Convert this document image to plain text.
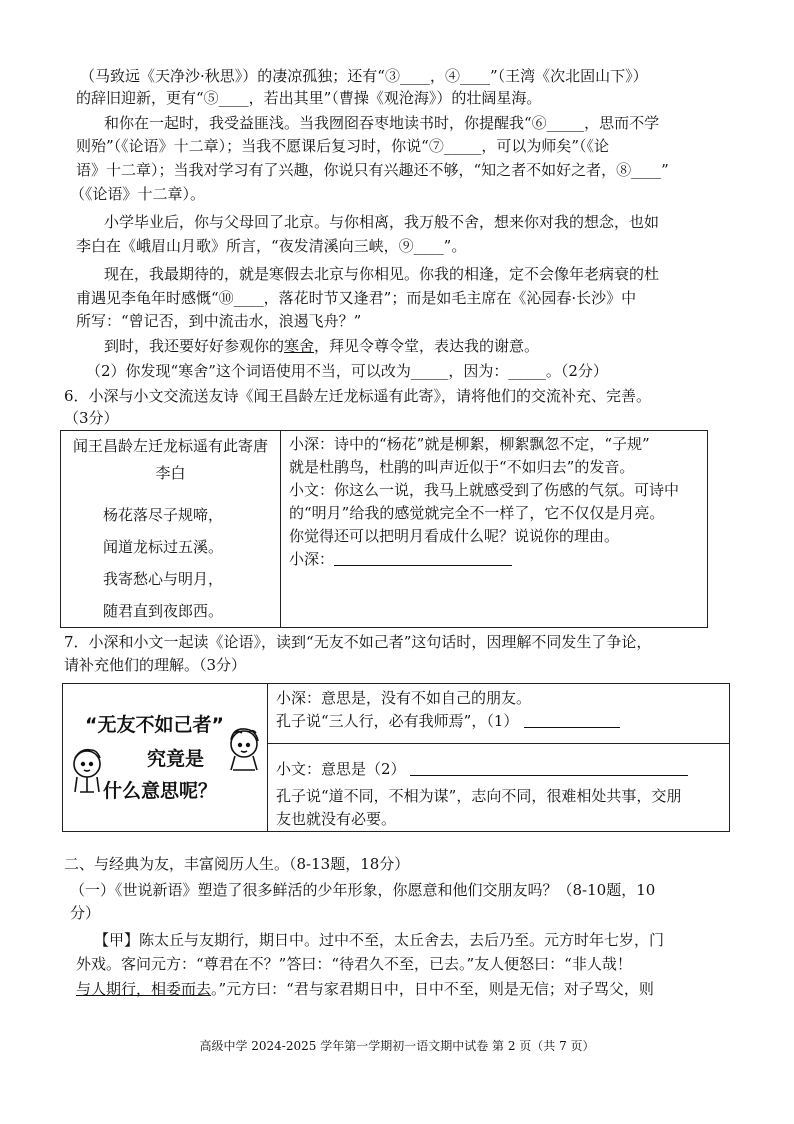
（马致远《天净沙·秋思》）的凄凉孤独；还有“③____，④____”（王湾《次北固山下》）
的辞旧迎新，更有“⑤____，若出其里”（曹操《观沧海》）的壮阔星海。
和你在一起时，我受益匪浅。当我囫囵吞枣地读书时，你提醒我“⑥_____，思而不学
则殆”（《论语》十二章）；当我不愿课后复习时，你说“⑦_____，可以为师矣”（《论
语》十二章）；当我对学习有了兴趣，你说只有兴趣还不够，“知之者不如好之者，⑧____”
（《论语》十二章）。
小学毕业后，你与父母回了北京。与你相离，我万般不舍，想来你对我的想念，也如
李白在《峨眉山月歌》所言，“夜发清溪向三峡，⑨____”。
现在，我最期待的，就是寒假去北京与你相见。你我的相逢，定不会像年老病衰的杜
甫遇见李龟年时感慨“⑩____，落花时节又逢君”；而是如毛主席在《沁园春·长沙》中
所写：“曾记否，到中流击水，浪遏飞舟？”
到时，我还要好好参观你的寒舍，拜见令尊令堂，表达我的谢意。
（2）你发现“寒舍”这个词语使用不当，可以改为_____，因为：_____。（2分）
6．小深与小文交流送友诗《闻王昌龄左迁龙标遥有此寄》，请将他们的交流补充、完善。
（3分）
闻王昌龄左迁龙标遥有此寄唐
李白
杨花落尽子规啼，
闻道龙标过五溪。
我寄愁心与明月，
随君直到夜郎西。

小深：诗中的“杨花”就是柳絮，柳絮飘忽不定，“子规”
就是杜鹃鸟，杜鹃的叫声近似于“不如归去”的发音。
小文：你这么一说，我马上就感受到了伤感的气氛。可诗中
的“明月”给我的感觉就完全不一样了，它不仅仅是月亮。
你觉得还可以把明月看成什么呢？说说你的理由。
小深：
7．小深和小文一起读《论语》，读到“无友不如己者”这句话时，因理解不同发生了争论，
请补充他们的理解。（3分）
“无友不如己者”
究竟是
什么意思呢？

小深：意思是，没有不如自己的朋友。
孔子说“三人行，必有我师焉”，（1）

小文：意思是（2）
孔子说“道不同，不相为谋”，志向不同，很难相处共事，交朋
友也就没有必要。
二、与经典为友，丰富阅历人生。（8-13题，18分）
（一）《世说新语》塑造了很多鲜活的少年形象，你愿意和他们交朋友吗？（8-10题，10
分）
【甲】陈太丘与友期行，期日中。过中不至，太丘舍去，去后乃至。元方时年七岁，门
外戏。客问元方：“尊君在不？”答曰：“待君久不至，已去。”友人便怒曰：“非人哉！
与人期行，相委而去。”元方曰：“君与家君期日中，日中不至，则是无信；对子骂父，则
高级中学 2024-2025 学年第一学期初一语文期中试卷 第 2 页（共 7 页）
